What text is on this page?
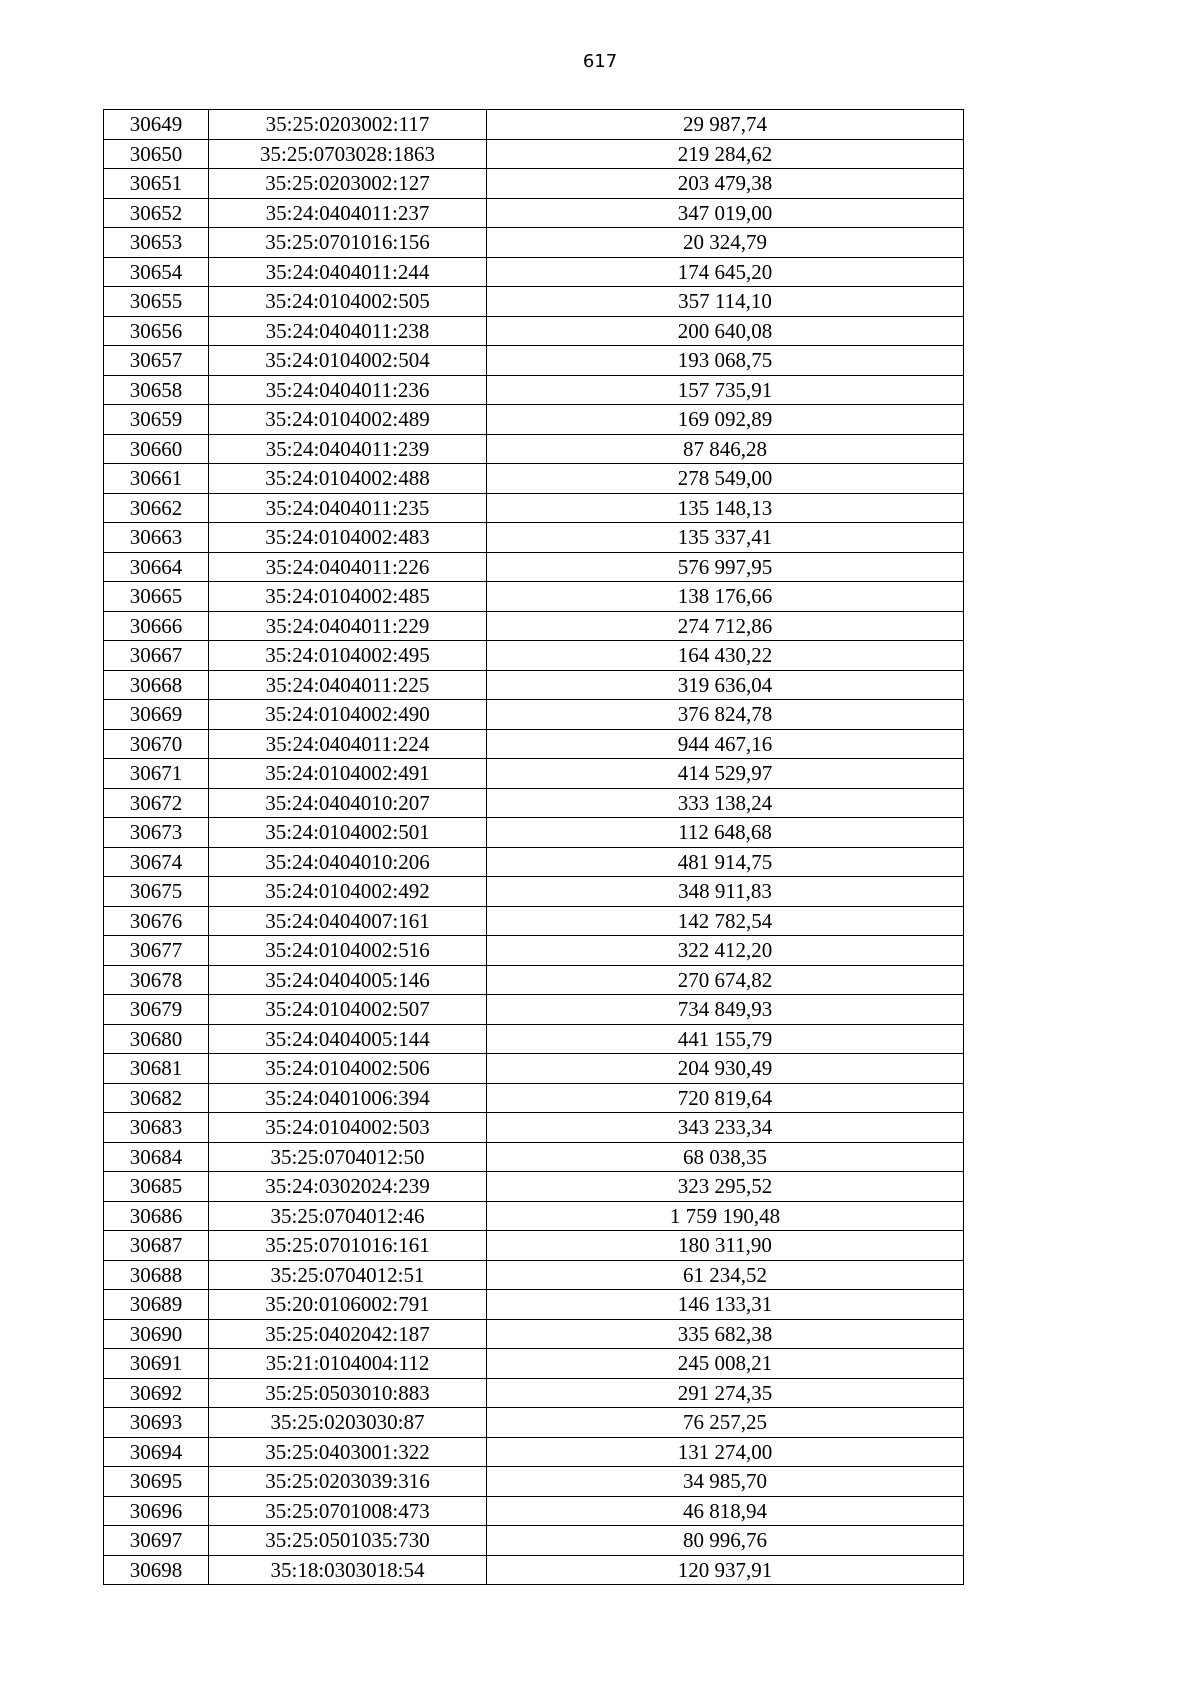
617
30649	35:25:0203002:117	29 987,74
30650	35:25:0703028:1863	219 284,62
30651	35:25:0203002:127	203 479,38
30652	35:24:0404011:237	347 019,00
30653	35:25:0701016:156	20 324,79
30654	35:24:0404011:244	174 645,20
30655	35:24:0104002:505	357 114,10
30656	35:24:0404011:238	200 640,08
30657	35:24:0104002:504	193 068,75
30658	35:24:0404011:236	157 735,91
30659	35:24:0104002:489	169 092,89
30660	35:24:0404011:239	87 846,28
30661	35:24:0104002:488	278 549,00
30662	35:24:0404011:235	135 148,13
30663	35:24:0104002:483	135 337,41
30664	35:24:0404011:226	576 997,95
30665	35:24:0104002:485	138 176,66
30666	35:24:0404011:229	274 712,86
30667	35:24:0104002:495	164 430,22
30668	35:24:0404011:225	319 636,04
30669	35:24:0104002:490	376 824,78
30670	35:24:0404011:224	944 467,16
30671	35:24:0104002:491	414 529,97
30672	35:24:0404010:207	333 138,24
30673	35:24:0104002:501	112 648,68
30674	35:24:0404010:206	481 914,75
30675	35:24:0104002:492	348 911,83
30676	35:24:0404007:161	142 782,54
30677	35:24:0104002:516	322 412,20
30678	35:24:0404005:146	270 674,82
30679	35:24:0104002:507	734 849,93
30680	35:24:0404005:144	441 155,79
30681	35:24:0104002:506	204 930,49
30682	35:24:0401006:394	720 819,64
30683	35:24:0104002:503	343 233,34
30684	35:25:0704012:50	68 038,35
30685	35:24:0302024:239	323 295,52
30686	35:25:0704012:46	1 759 190,48
30687	35:25:0701016:161	180 311,90
30688	35:25:0704012:51	61 234,52
30689	35:20:0106002:791	146 133,31
30690	35:25:0402042:187	335 682,38
30691	35:21:0104004:112	245 008,21
30692	35:25:0503010:883	291 274,35
30693	35:25:0203030:87	76 257,25
30694	35:25:0403001:322	131 274,00
30695	35:25:0203039:316	34 985,70
30696	35:25:0701008:473	46 818,94
30697	35:25:0501035:730	80 996,76
30698	35:18:0303018:54	120 937,91
